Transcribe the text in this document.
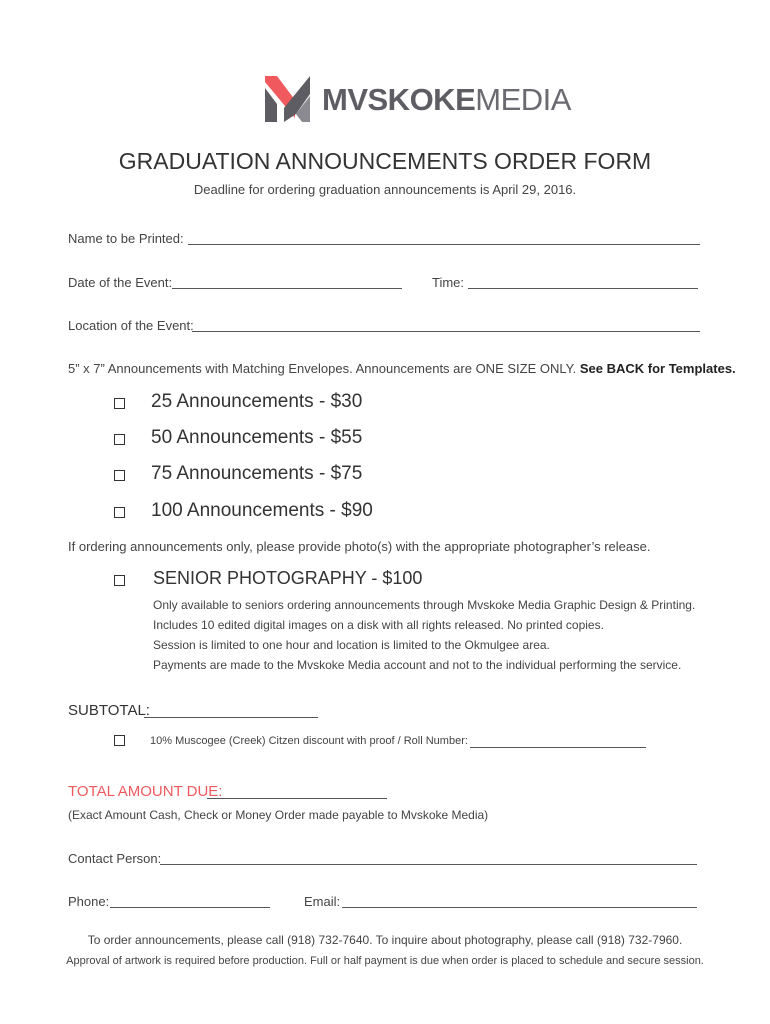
MVSKOKEMEDIA
GRADUATION ANNOUNCEMENTS ORDER FORM
Deadline for ordering graduation announcements is April 29, 2016.
Name to be Printed:
Date of the Event:	Time:
Location of the Event:
5” x 7” Announcements with Matching Envelopes. Announcements are ONE SIZE ONLY. See BACK for Templates.
25 Announcements - $30
50 Announcements - $55
75 Announcements - $75
100 Announcements - $90
If ordering announcements only, please provide photo(s) with the appropriate photographer’s release.
SENIOR PHOTOGRAPHY - $100
Only available to seniors ordering announcements through Mvskoke Media Graphic Design & Printing.
Includes 10 edited digital images on a disk with all rights released. No printed copies.
Session is limited to one hour and location is limited to the Okmulgee area.
Payments are made to the Mvskoke Media account and not to the individual performing the service.
SUBTOTAL:
10% Muscogee (Creek) Citzen discount with proof / Roll Number:
TOTAL AMOUNT DUE:
(Exact Amount Cash, Check or Money Order made payable to Mvskoke Media)
Contact Person:
Phone:	Email:
To order announcements, please call (918) 732-7640. To inquire about photography, please call (918) 732-7960.
Approval of artwork is required before production. Full or half payment is due when order is placed to schedule and secure session.
